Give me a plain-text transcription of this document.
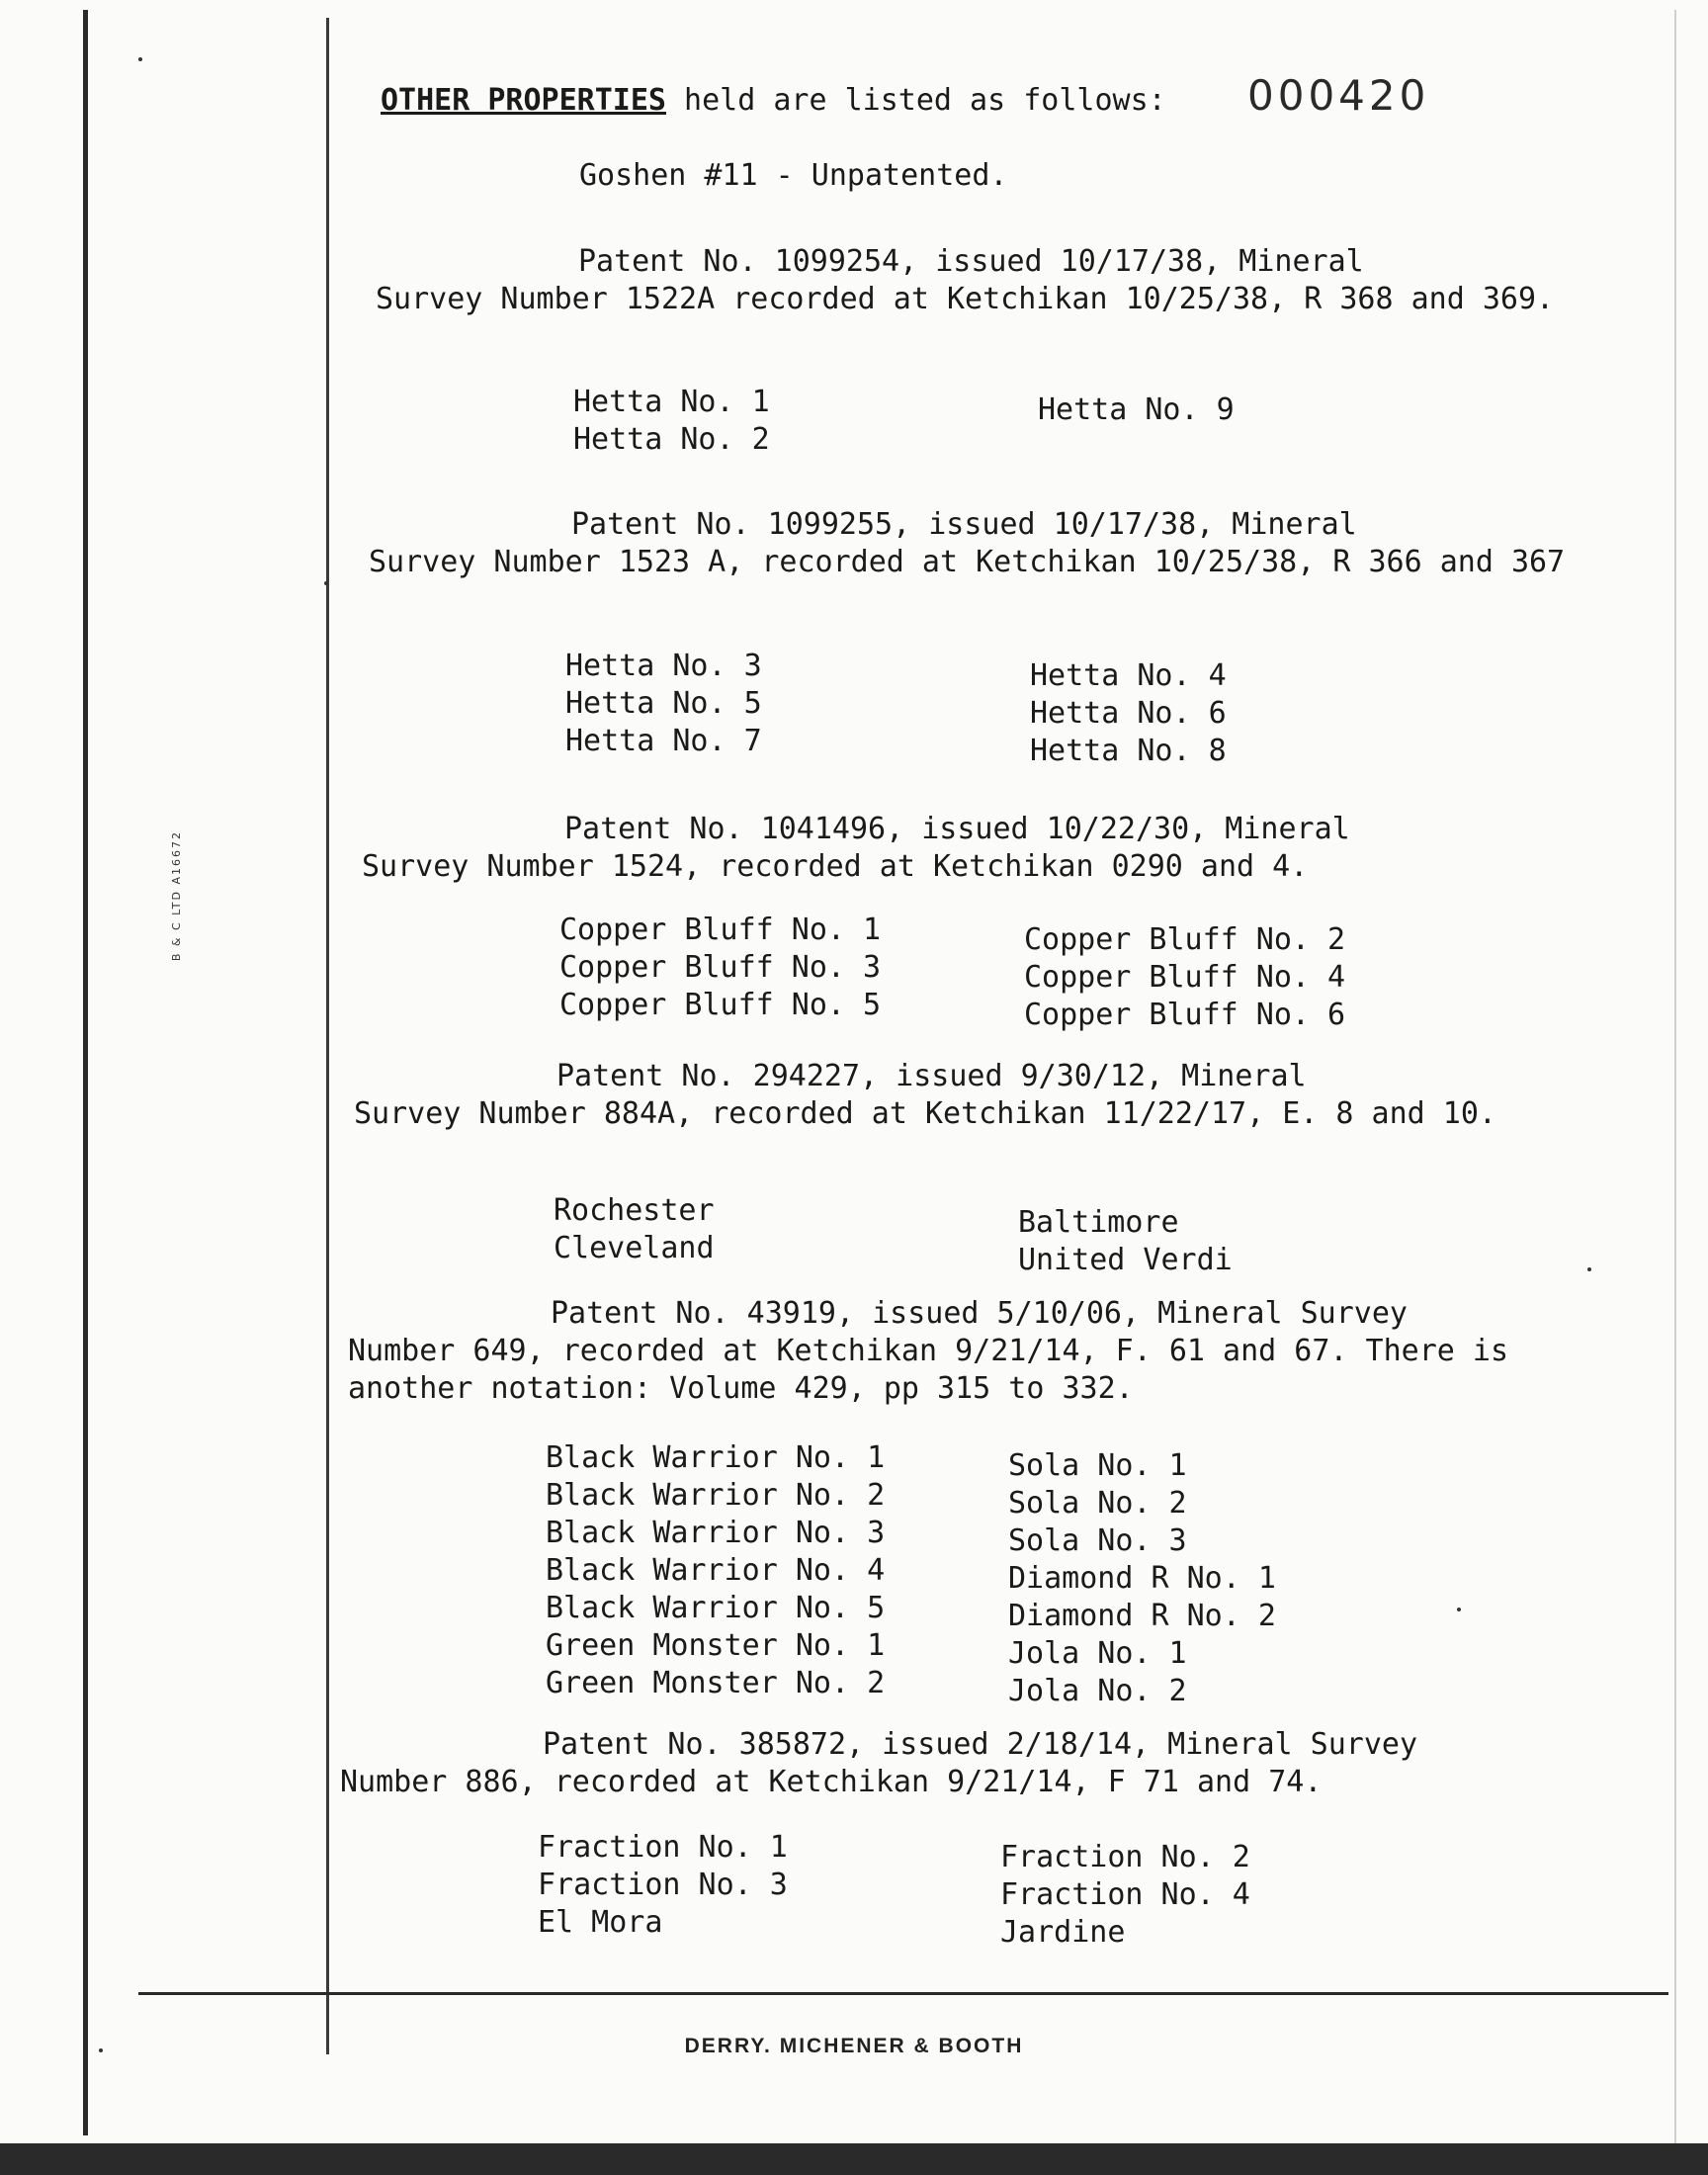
000420
B & C LTD A16672
OTHER PROPERTIES held are listed as follows:
Goshen #11 - Unpatented.
Patent No. 1099254, issued 10/17/38, Mineral
Survey Number 1522A recorded at Ketchikan 10/25/38, R 368 and 369.
Hetta No. 1
Hetta No. 2
Hetta No. 9
Patent No. 1099255, issued 10/17/38, Mineral
Survey Number 1523 A, recorded at Ketchikan 10/25/38, R 366 and 367
Hetta No. 3
Hetta No. 5
Hetta No. 7
Hetta No. 4
Hetta No. 6
Hetta No. 8
Patent No. 1041496, issued 10/22/30, Mineral
Survey Number 1524, recorded at Ketchikan 0290 and 4.
Copper Bluff No. 1
Copper Bluff No. 3
Copper Bluff No. 5
Copper Bluff No. 2
Copper Bluff No. 4
Copper Bluff No. 6
Patent No. 294227, issued 9/30/12, Mineral
Survey Number 884A, recorded at Ketchikan 11/22/17, E. 8 and 10.
Rochester
Cleveland
Baltimore
United Verdi
Patent No. 43919, issued 5/10/06, Mineral Survey
Number 649, recorded at Ketchikan 9/21/14, F. 61 and 67. There is another notation: Volume 429, pp 315 to 332.
Black Warrior No. 1
Black Warrior No. 2
Black Warrior No. 3
Black Warrior No. 4
Black Warrior No. 5
Green Monster No. 1
Green Monster No. 2
Sola No. 1
Sola No. 2
Sola No. 3
Diamond R No. 1
Diamond R No. 2
Jola No. 1
Jola No. 2
Patent No. 385872, issued 2/18/14, Mineral Survey
Number 886, recorded at Ketchikan 9/21/14, F 71 and 74.
Fraction No. 1
Fraction No. 3
El Mora
Fraction No. 2
Fraction No. 4
Jardine
DERRY. MICHENER & BOOTH
